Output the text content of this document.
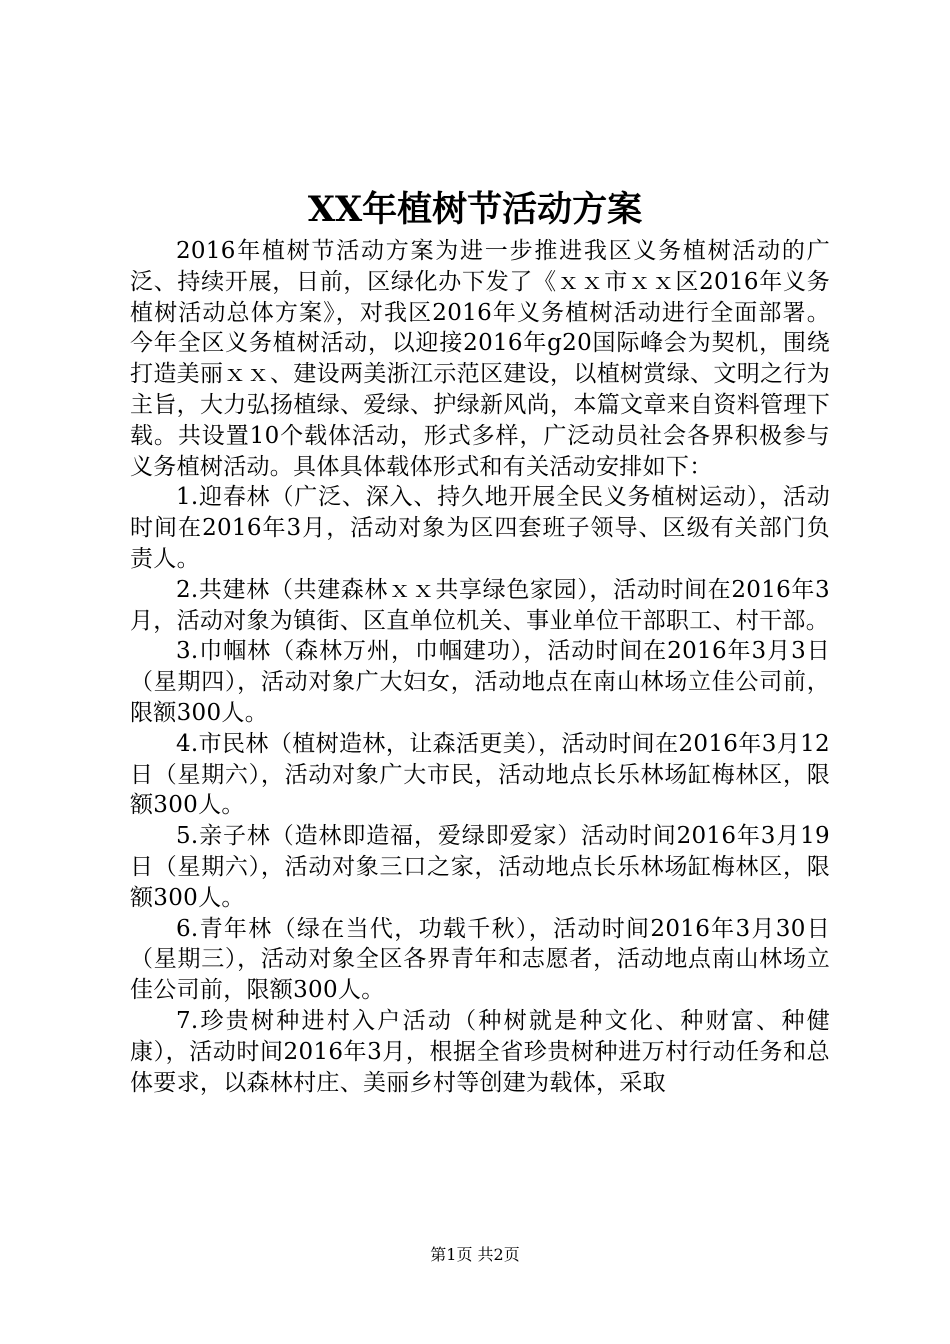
XX年植树节活动方案

2016年植树节活动方案为进一步推进我区义务植树活动的广泛、持续开展，日前，区绿化办下发了《ｘｘ市ｘｘ区2016年义务植树活动总体方案》，对我区2016年义务植树活动进行全面部署。今年全区义务植树活动，以迎接2016年g20国际峰会为契机，围绕打造美丽ｘｘ、建设两美浙江示范区建设，以植树赏绿、文明之行为主旨，大力弘扬植绿、爱绿、护绿新风尚，本篇文章来自资料管理下载。共设置10个载体活动，形式多样，广泛动员社会各界积极参与义务植树活动。具体具体载体形式和有关活动安排如下：

1.迎春林（广泛、深入、持久地开展全民义务植树运动），活动时间在2016年3月，活动对象为区四套班子领导、区级有关部门负责人。

2.共建林（共建森林ｘｘ共享绿色家园），活动时间在2016年3月，活动对象为镇街、区直单位机关、事业单位干部职工、村干部。

3.巾帼林（森林万州，巾帼建功），活动时间在2016年3月3日（星期四），活动对象广大妇女，活动地点在南山林场立佳公司前，限额300人。

4.市民林（植树造林，让森活更美），活动时间在2016年3月12日（星期六），活动对象广大市民，活动地点长乐林场缸梅林区，限额300人。

5.亲子林（造林即造福，爱绿即爱家）活动时间2016年3月19日（星期六），活动对象三口之家，活动地点长乐林场缸梅林区，限额300人。

6.青年林（绿在当代，功载千秋），活动时间2016年3月30日（星期三），活动对象全区各界青年和志愿者，活动地点南山林场立佳公司前，限额300人。

7.珍贵树种进村入户活动（种树就是种文化、种财富、种健康），活动时间2016年3月，根据全省珍贵树种进万村行动任务和总体要求，以森林村庄、美丽乡村等创建为载体，采取

第1页 共2页
